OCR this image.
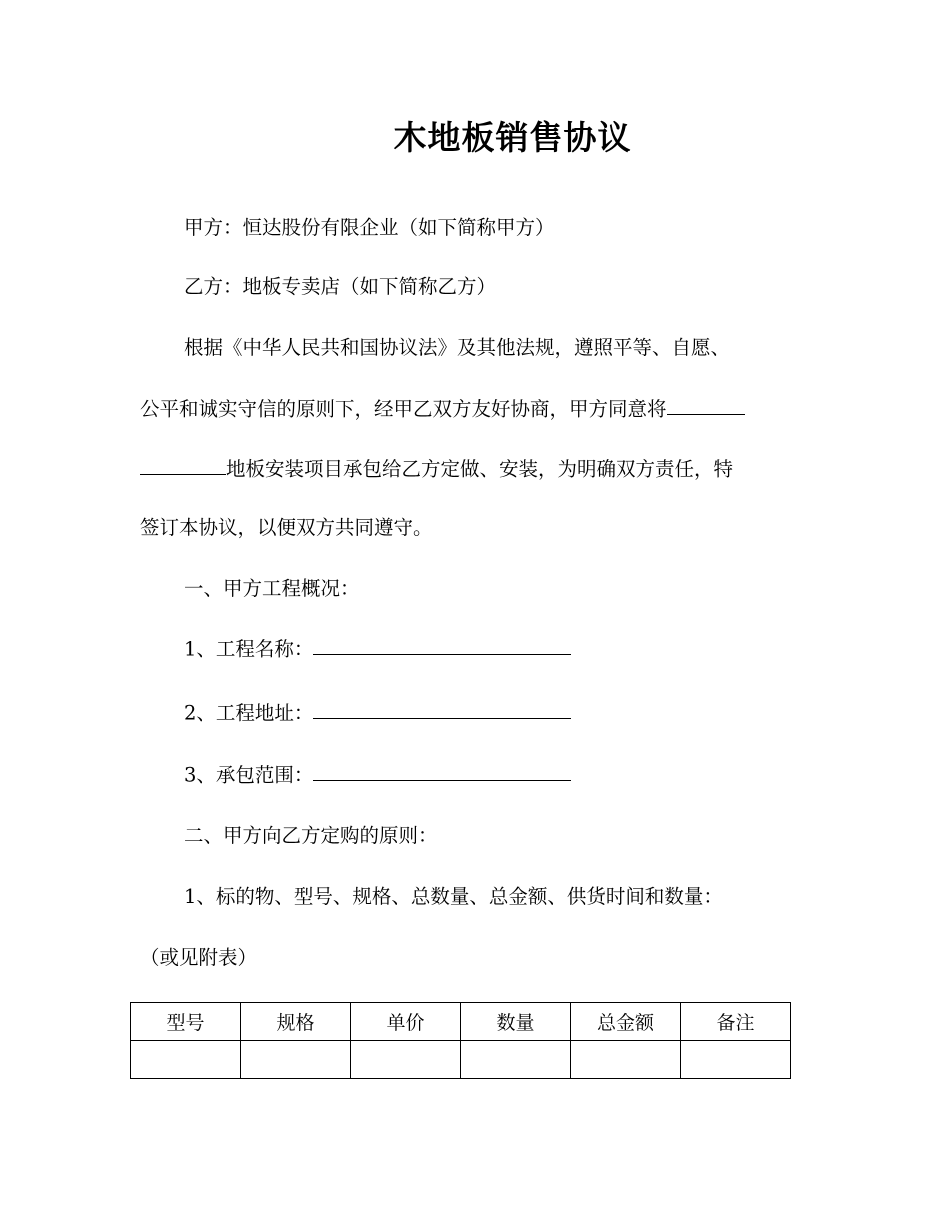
木地板销售协议
甲方：恒达股份有限企业（如下简称甲方）
乙方：地板专卖店（如下简称乙方）
根据《中华人民共和国协议法》及其他法规，遵照平等、自愿、
公平和诚实守信的原则下，经甲乙双方友好协商，甲方同意将
地板安装项目承包给乙方定做、安装，为明确双方责任，特
签订本协议，以便双方共同遵守。
一、甲方工程概况：
1、工程名称：
2、工程地址：
3、承包范围：
二、甲方向乙方定购的原则：
1、标的物、型号、规格、总数量、总金额、供货时间和数量：
（或见附表）
型号	规格	单价	数量	总金额	备注
